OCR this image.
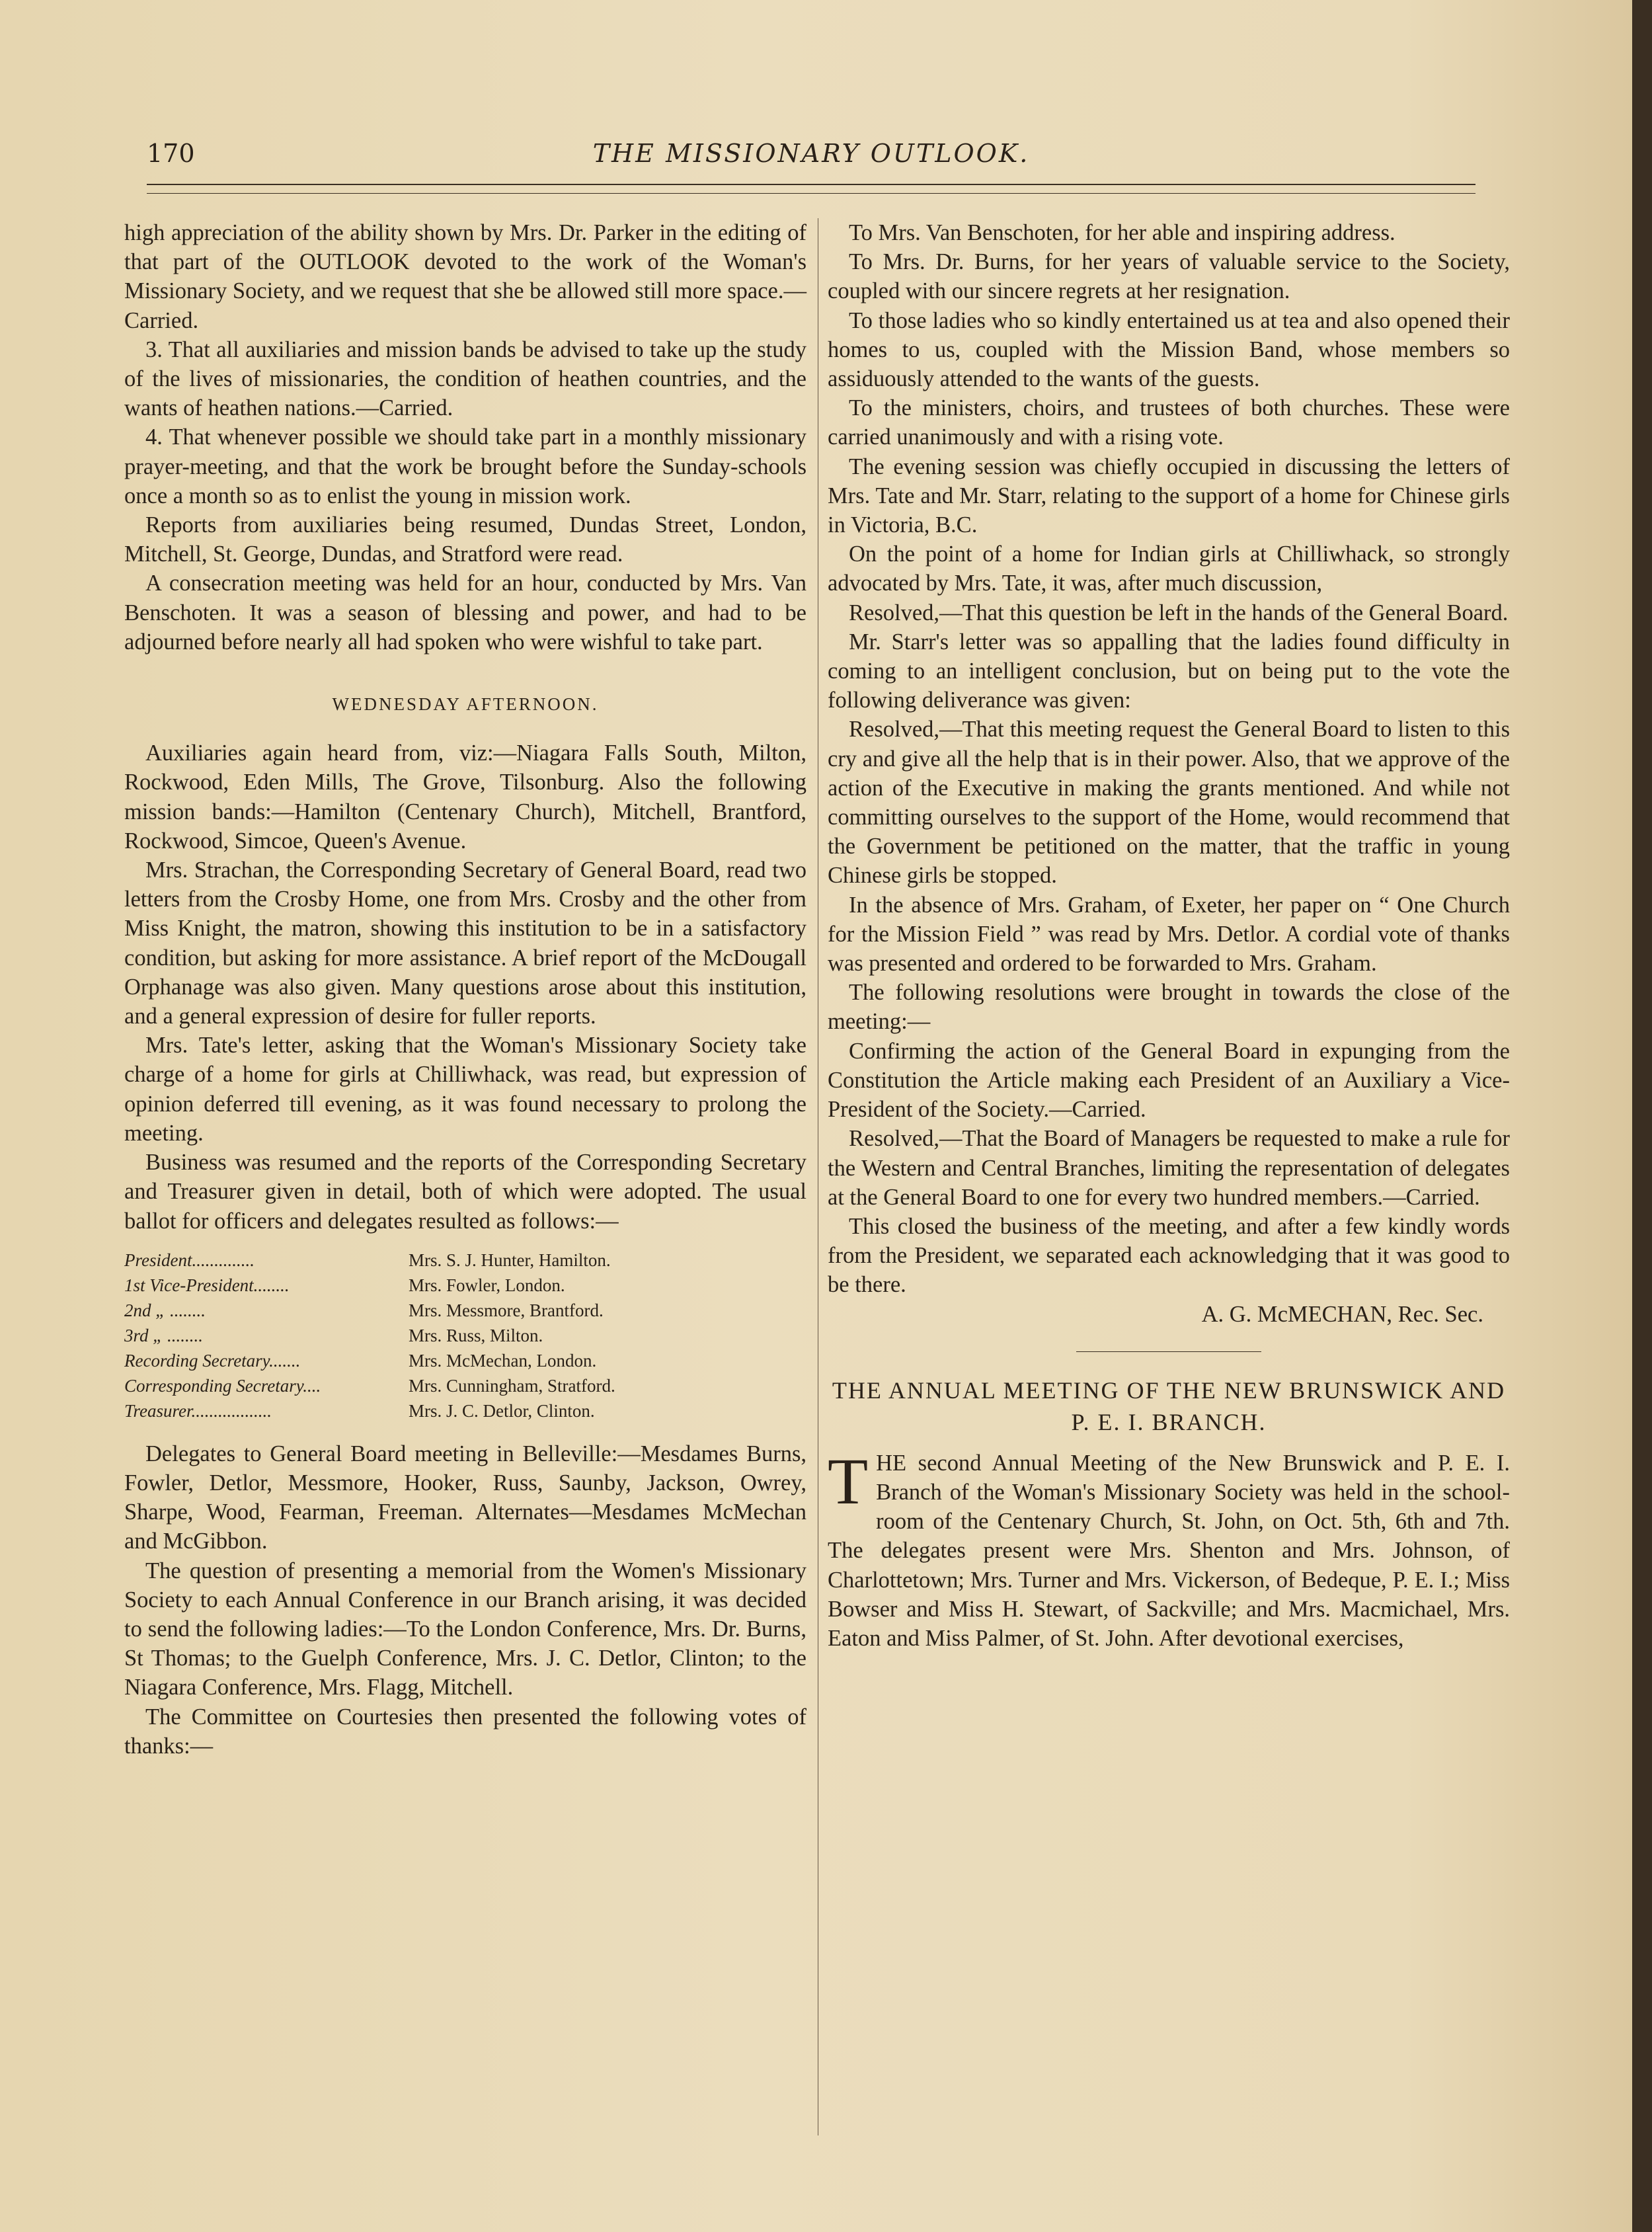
170	THE MISSIONARY OUTLOOK.

high appreciation of the ability shown by Mrs. Dr. Parker in the editing of that part of the OUTLOOK devoted to the work of the Woman's Missionary Society, and we request that she be allowed still more space.—Carried.

3. That all auxiliaries and mission bands be advised to take up the study of the lives of missionaries, the condition of heathen countries, and the wants of heathen nations.—Carried.

4. That whenever possible we should take part in a monthly missionary prayer-meeting, and that the work be brought before the Sunday-schools once a month so as to enlist the young in mission work.

Reports from auxiliaries being resumed, Dundas Street, London, Mitchell, St. George, Dundas, and Stratford were read.

A consecration meeting was held for an hour, conducted by Mrs. Van Benschoten. It was a season of blessing and power, and had to be adjourned before nearly all had spoken who were wishful to take part.

WEDNESDAY AFTERNOON.

Auxiliaries again heard from, viz:—Niagara Falls South, Milton, Rockwood, Eden Mills, The Grove, Tilsonburg. Also the following mission bands:—Hamilton (Centenary Church), Mitchell, Brantford, Rockwood, Simcoe, Queen's Avenue.

Mrs. Strachan, the Corresponding Secretary of General Board, read two letters from the Crosby Home, one from Mrs. Crosby and the other from Miss Knight, the matron, showing this institution to be in a satisfactory condition, but asking for more assistance. A brief report of the McDougall Orphanage was also given. Many questions arose about this institution, and a general expression of desire for fuller reports.

Mrs. Tate's letter, asking that the Woman's Missionary Society take charge of a home for girls at Chilliwhack, was read, but expression of opinion deferred till evening, as it was found necessary to prolong the meeting.

Business was resumed and the reports of the Corresponding Secretary and Treasurer given in detail, both of which were adopted. The usual ballot for officers and delegates resulted as follows:—

President..............	Mrs. S. J. Hunter, Hamilton.
1st Vice-President........	Mrs. Fowler, London.
2nd „ ........	Mrs. Messmore, Brantford.
3rd „ ........	Mrs. Russ, Milton.
Recording Secretary.......	Mrs. McMechan, London.
Corresponding Secretary....	Mrs. Cunningham, Stratford.
Treasurer..................	Mrs. J. C. Detlor, Clinton.

Delegates to General Board meeting in Belleville:—Mesdames Burns, Fowler, Detlor, Messmore, Hooker, Russ, Saunby, Jackson, Owrey, Sharpe, Wood, Fearman, Freeman. Alternates—Mesdames McMechan and McGibbon.

The question of presenting a memorial from the Women's Missionary Society to each Annual Conference in our Branch arising, it was decided to send the following ladies:—To the London Conference, Mrs. Dr. Burns, St Thomas; to the Guelph Conference, Mrs. J. C. Detlor, Clinton; to the Niagara Conference, Mrs. Flagg, Mitchell.

The Committee on Courtesies then presented the following votes of thanks:—

To Mrs. Van Benschoten, for her able and inspiring address.

To Mrs. Dr. Burns, for her years of valuable service to the Society, coupled with our sincere regrets at her resignation.

To those ladies who so kindly entertained us at tea and also opened their homes to us, coupled with the Mission Band, whose members so assiduously attended to the wants of the guests.

To the ministers, choirs, and trustees of both churches. These were carried unanimously and with a rising vote.

The evening session was chiefly occupied in discussing the letters of Mrs. Tate and Mr. Starr, relating to the support of a home for Chinese girls in Victoria, B.C.

On the point of a home for Indian girls at Chilliwhack, so strongly advocated by Mrs. Tate, it was, after much discussion,

Resolved,—That this question be left in the hands of the General Board.

Mr. Starr's letter was so appalling that the ladies found difficulty in coming to an intelligent conclusion, but on being put to the vote the following deliverance was given:

Resolved,—That this meeting request the General Board to listen to this cry and give all the help that is in their power. Also, that we approve of the action of the Executive in making the grants mentioned. And while not committing ourselves to the support of the Home, would recommend that the Government be petitioned on the matter, that the traffic in young Chinese girls be stopped.

In the absence of Mrs. Graham, of Exeter, her paper on “ One Church for the Mission Field ” was read by Mrs. Detlor. A cordial vote of thanks was presented and ordered to be forwarded to Mrs. Graham.

The following resolutions were brought in towards the close of the meeting:—

Confirming the action of the General Board in expunging from the Constitution the Article making each President of an Auxiliary a Vice-President of the Society.—Carried.

Resolved,—That the Board of Managers be requested to make a rule for the Western and Central Branches, limiting the representation of delegates at the General Board to one for every two hundred members.—Carried.

This closed the business of the meeting, and after a few kindly words from the President, we separated each acknowledging that it was good to be there.

A. G. McMECHAN, Rec. Sec.

THE ANNUAL MEETING OF THE NEW BRUNSWICK AND P. E. I. BRANCH.

THE second Annual Meeting of the New Brunswick and P. E. I. Branch of the Woman's Missionary Society was held in the school-room of the Centenary Church, St. John, on Oct. 5th, 6th and 7th. The delegates present were Mrs. Shenton and Mrs. Johnson, of Charlottetown; Mrs. Turner and Mrs. Vickerson, of Bedeque, P. E. I.; Miss Bowser and Miss H. Stewart, of Sackville; and Mrs. Macmichael, Mrs. Eaton and Miss Palmer, of St. John. After devotional exercises,
